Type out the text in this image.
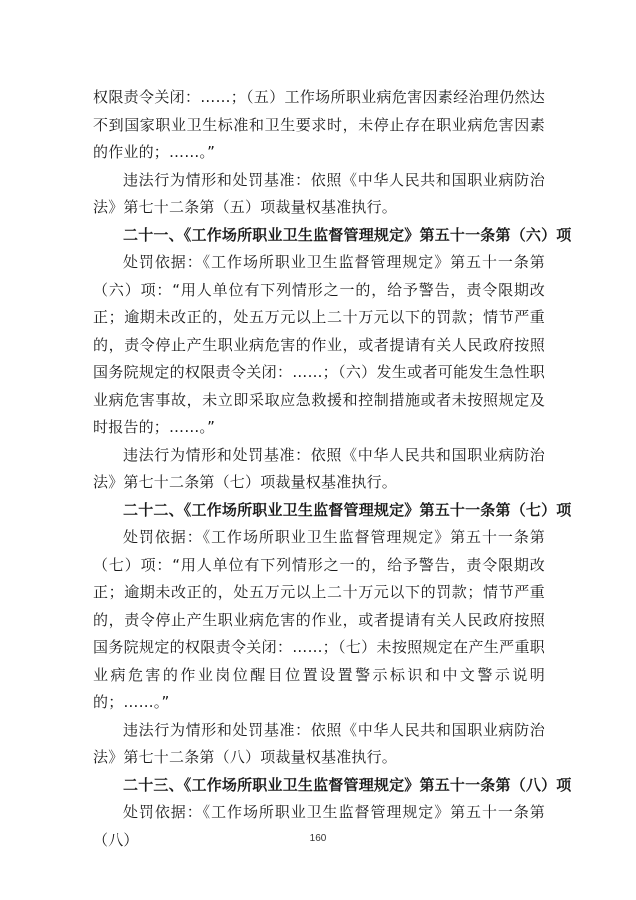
权限责令关闭：……；（五）工作场所职业病危害因素经治理仍然达不到国家职业卫生标准和卫生要求时，未停止存在职业病危害因素的作业的；……。”

违法行为情形和处罚基准：依照《中华人民共和国职业病防治法》第七十二条第（五）项裁量权基准执行。

二十一、《工作场所职业卫生监督管理规定》第五十一条第（六）项

处罚依据：《工作场所职业卫生监督管理规定》第五十一条第（六）项：“用人单位有下列情形之一的，给予警告，责令限期改正；逾期未改正的，处五万元以上二十万元以下的罚款；情节严重的，责令停止产生职业病危害的作业，或者提请有关人民政府按照国务院规定的权限责令关闭：……；（六）发生或者可能发生急性职业病危害事故，未立即采取应急救援和控制措施或者未按照规定及时报告的；……。”

违法行为情形和处罚基准：依照《中华人民共和国职业病防治法》第七十二条第（七）项裁量权基准执行。

二十二、《工作场所职业卫生监督管理规定》第五十一条第（七）项

处罚依据：《工作场所职业卫生监督管理规定》第五十一条第（七）项：“用人单位有下列情形之一的，给予警告，责令限期改正；逾期未改正的，处五万元以上二十万元以下的罚款；情节严重的，责令停止产生职业病危害的作业，或者提请有关人民政府按照国务院规定的权限责令关闭：……；（七）未按照规定在产生严重职业病危害的作业岗位醒目位置设置警示标识和中文警示说明的；……。”

违法行为情形和处罚基准：依照《中华人民共和国职业病防治法》第七十二条第（八）项裁量权基准执行。

二十三、《工作场所职业卫生监督管理规定》第五十一条第（八）项

处罚依据：《工作场所职业卫生监督管理规定》第五十一条第（八）	160
